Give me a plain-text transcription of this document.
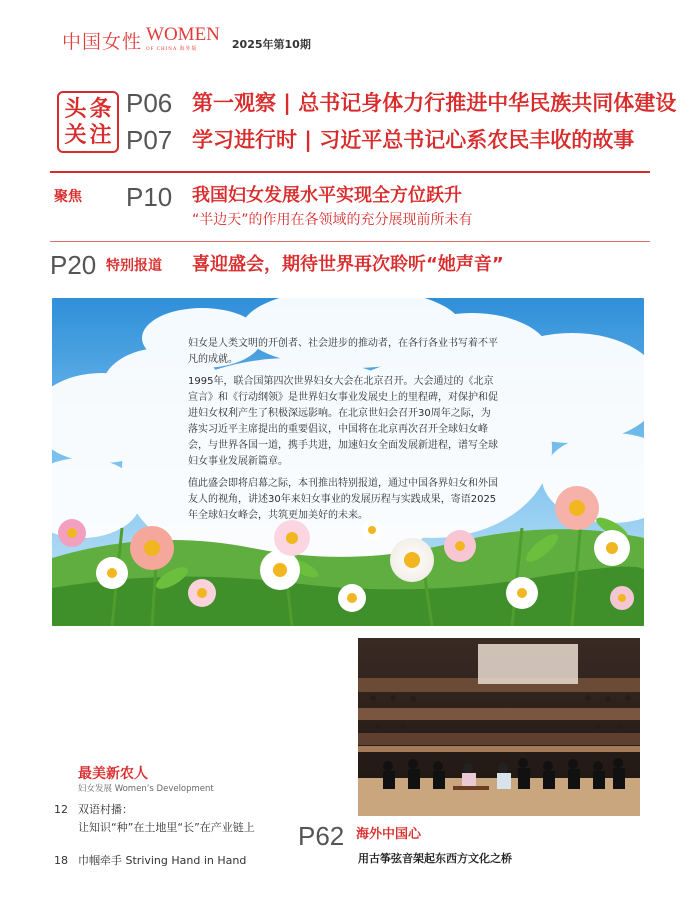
中国女性 WOMEN
OF CHINA 海外版	2025年第10期
头 条
关 注
P06 第一观察 | 总书记身体力行推进中华民族共同体建设
P07 学习进行时 | 习近平总书记心系农民丰收的故事
聚焦 P10 我国妇女发展水平实现全方位跃升
“半边天”的作用在各领域的充分展现前所未有
P20 特别报道 喜迎盛会，期待世界再次聆听“她声音”

妇女是人类文明的开创者、社会进步的推动者，在各行各业书写着不平凡的成就。

1995年，联合国第四次世界妇女大会在北京召开。大会通过的《北京宣言》和《行动纲领》是世界妇女事业发展史上的里程碑，对保护和促进妇女权利产生了积极深远影响。在北京世妇会召开30周年之际，为落实习近平主席提出的重要倡议，中国将在北京再次召开全球妇女峰会，与世界各国一道，携手共进，加速妇女全面发展新进程，谱写全球妇女事业发展新篇章。

值此盛会即将启幕之际，本刊推出特别报道，通过中国各界妇女和外国友人的视角，讲述30年来妇女事业的发展历程与实践成果，寄语2025年全球妇女峰会，共筑更加美好的未来。

最美新农人
妇女发展 Women’s Development
12 双语村播：
让知识“种”在土地里“长”在产业链上
18 巾帼牵手 Striving Hand in Hand
P62 海外中国心
用古筝弦音架起东西方文化之桥
